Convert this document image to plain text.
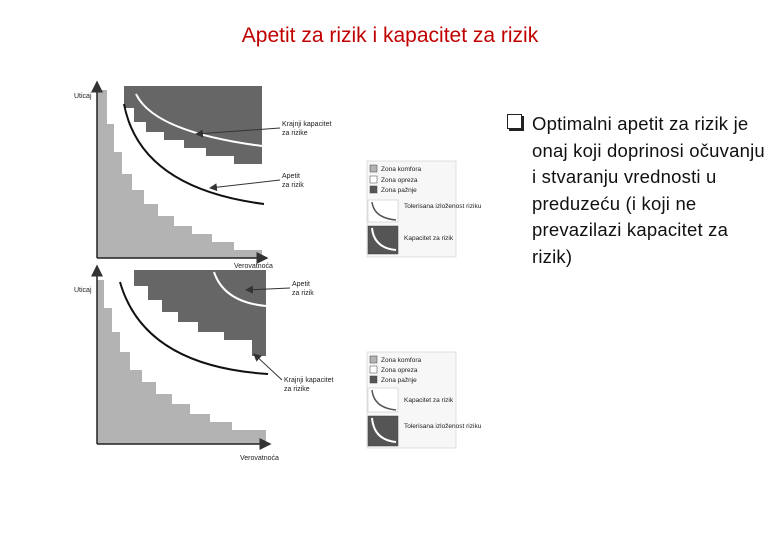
Apetit za rizik i kapacitet za rizik
Uticaj
Verovatnoća
Krajnji kapacitet za rizike
Apetit za rizik
Zona komfora
Zona opreza
Zona pažnje
Tolerisana izloženost riziku
Kapacitet za rizik
Uticaj
Verovatnoća
Apetit za rizik
Krajnji kapacitet za rizike
Zona komfora
Zona opreza
Zona pažnje
Kapacitet za rizik
Tolerisana izloženost riziku

Optimalni apetit za rizik je onaj koji doprinosi očuvanju i stvaranju vrednosti u preduzeću (i koji ne prevazilazi kapacitet za rizik)
